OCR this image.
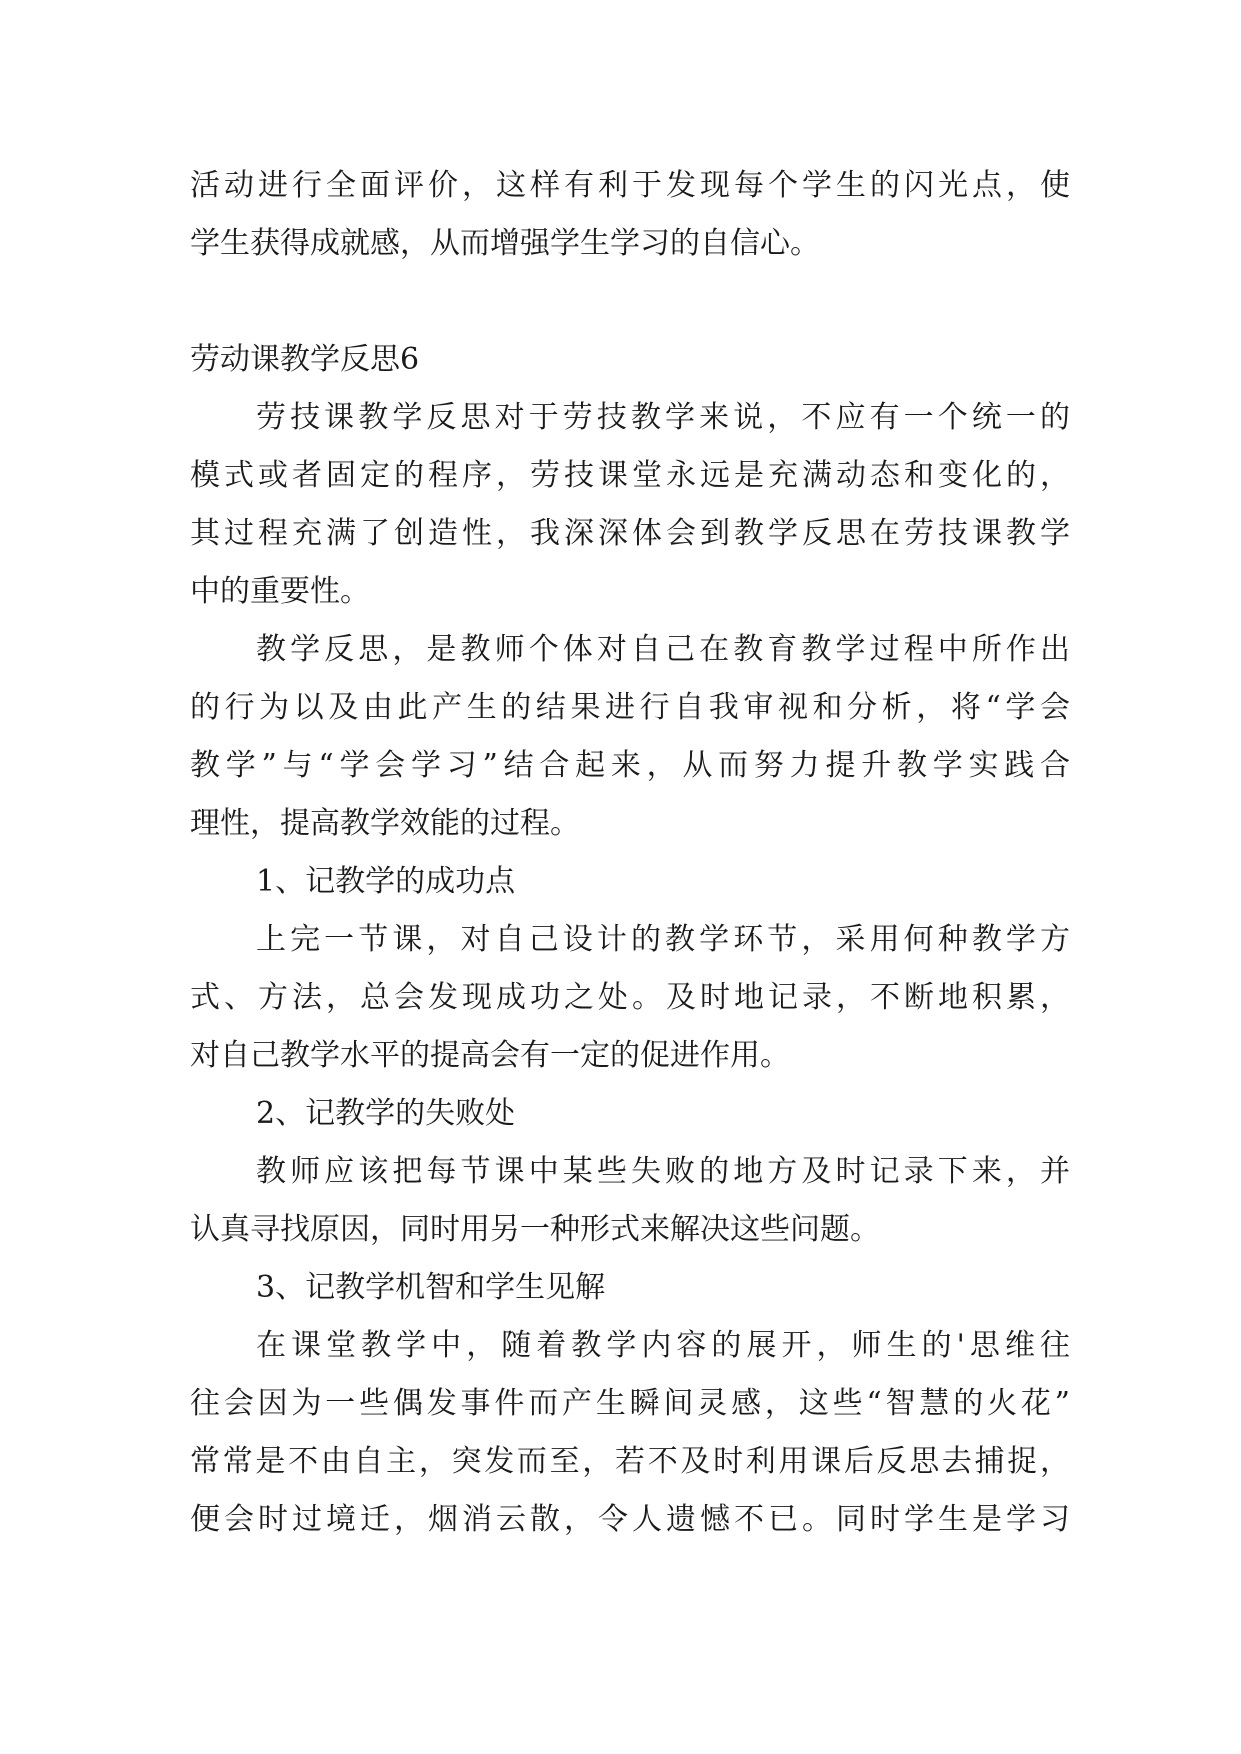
活动进行全面评价，这样有利于发现每个学生的闪光点，使
学生获得成就感，从而增强学生学习的自信心。
劳动课教学反思6
劳技课教学反思对于劳技教学来说，不应有一个统一的
模式或者固定的程序，劳技课堂永远是充满动态和变化的，
其过程充满了创造性，我深深体会到教学反思在劳技课教学
中的重要性。
教学反思，是教师个体对自己在教育教学过程中所作出
的行为以及由此产生的结果进行自我审视和分析，将“学会
教学”与“学会学习”结合起来，从而努力提升教学实践合
理性，提高教学效能的过程。
1、记教学的成功点
上完一节课，对自己设计的教学环节，采用何种教学方
式、方法，总会发现成功之处。及时地记录，不断地积累，
对自己教学水平的提高会有一定的促进作用。
2、记教学的失败处
教师应该把每节课中某些失败的地方及时记录下来，并
认真寻找原因，同时用另一种形式来解决这些问题。
3、记教学机智和学生见解
在课堂教学中，随着教学内容的展开，师生的'思维往
往会因为一些偶发事件而产生瞬间灵感，这些“智慧的火花”
常常是不由自主，突发而至，若不及时利用课后反思去捕捉，
便会时过境迁，烟消云散，令人遗憾不已。同时学生是学习
